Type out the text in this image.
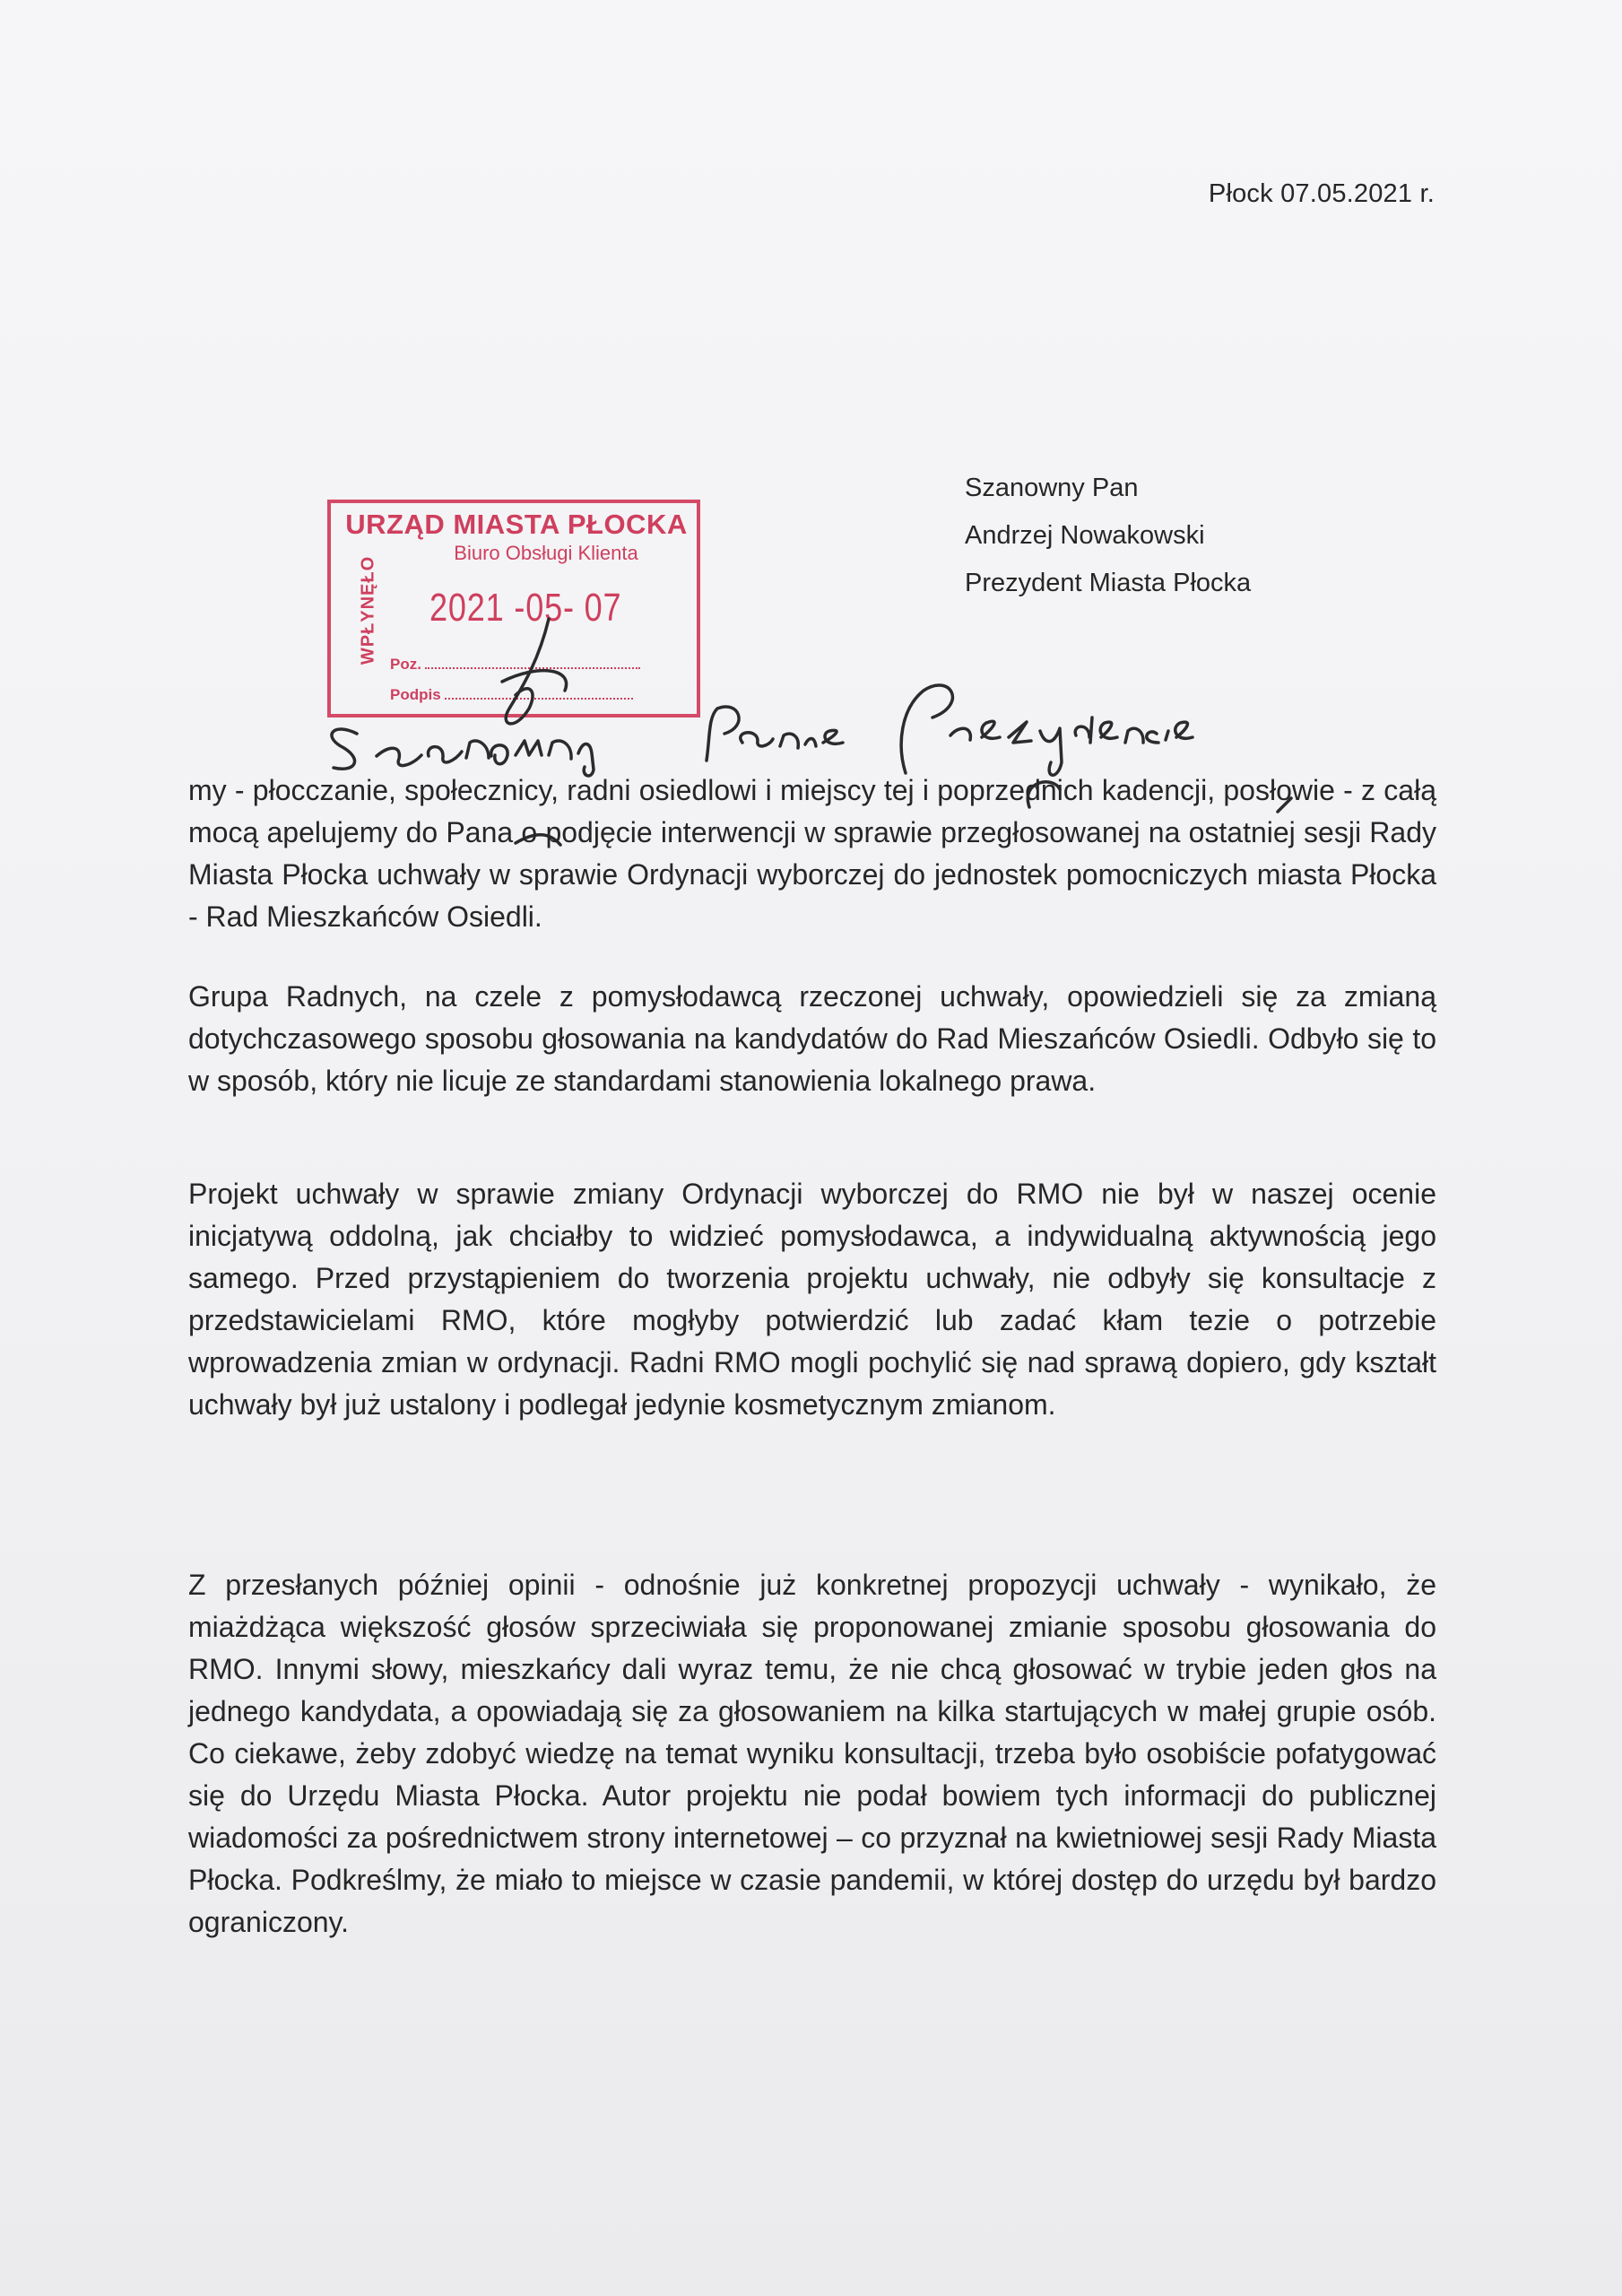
Płock 07.05.2021 r.
Szanowny Pan
Andrzej Nowakowski
Prezydent Miasta Płocka
URZĄD MIASTA PŁOCKA
Biuro Obsługi Klienta
WPŁYNĘŁO 2021 -05- 07
Poz.
Podpis

my - płocczanie, społecznicy, radni osiedlowi i miejscy tej i poprzednich kadencji, posłowie - z całą mocą apelujemy do Pana o podjęcie interwencji w sprawie przegłosowanej na ostatniej sesji Rady Miasta Płocka uchwały w sprawie Ordynacji wyborczej do jednostek pomocniczych miasta Płocka - Rad Mieszkańców Osiedli.

Grupa Radnych, na czele z pomysłodawcą rzeczonej uchwały, opowiedzieli się za zmianą dotychczasowego sposobu głosowania na kandydatów do Rad Mieszańców Osiedli. Odbyło się to w sposób, który nie licuje ze standardami stanowienia lokalnego prawa.

Projekt uchwały w sprawie zmiany Ordynacji wyborczej do RMO nie był w naszej ocenie inicjatywą oddolną, jak chciałby to widzieć pomysłodawca, a indywidualną aktywnością jego samego. Przed przystąpieniem do tworzenia projektu uchwały, nie odbyły się konsultacje z przedstawicielami RMO, które mogłyby potwierdzić lub zadać kłam tezie o potrzebie wprowadzenia zmian w ordynacji. Radni RMO mogli pochylić się nad sprawą dopiero, gdy kształt uchwały był już ustalony i podlegał jedynie kosmetycznym zmianom.

Z przesłanych później opinii - odnośnie już konkretnej propozycji uchwały - wynikało, że miażdżąca większość głosów sprzeciwiała się proponowanej zmianie sposobu głosowania do RMO. Innymi słowy, mieszkańcy dali wyraz temu, że nie chcą głosować w trybie jeden głos na jednego kandydata, a opowiadają się za głosowaniem na kilka startujących w małej grupie osób. Co ciekawe, żeby zdobyć wiedzę na temat wyniku konsultacji, trzeba było osobiście pofatygować się do Urzędu Miasta Płocka. Autor projektu nie podał bowiem tych informacji do publicznej wiadomości za pośrednictwem strony internetowej – co przyznał na kwietniowej sesji Rady Miasta Płocka. Podkreślmy, że miało to miejsce w czasie pandemii, w której dostęp do urzędu był bardzo ograniczony.
